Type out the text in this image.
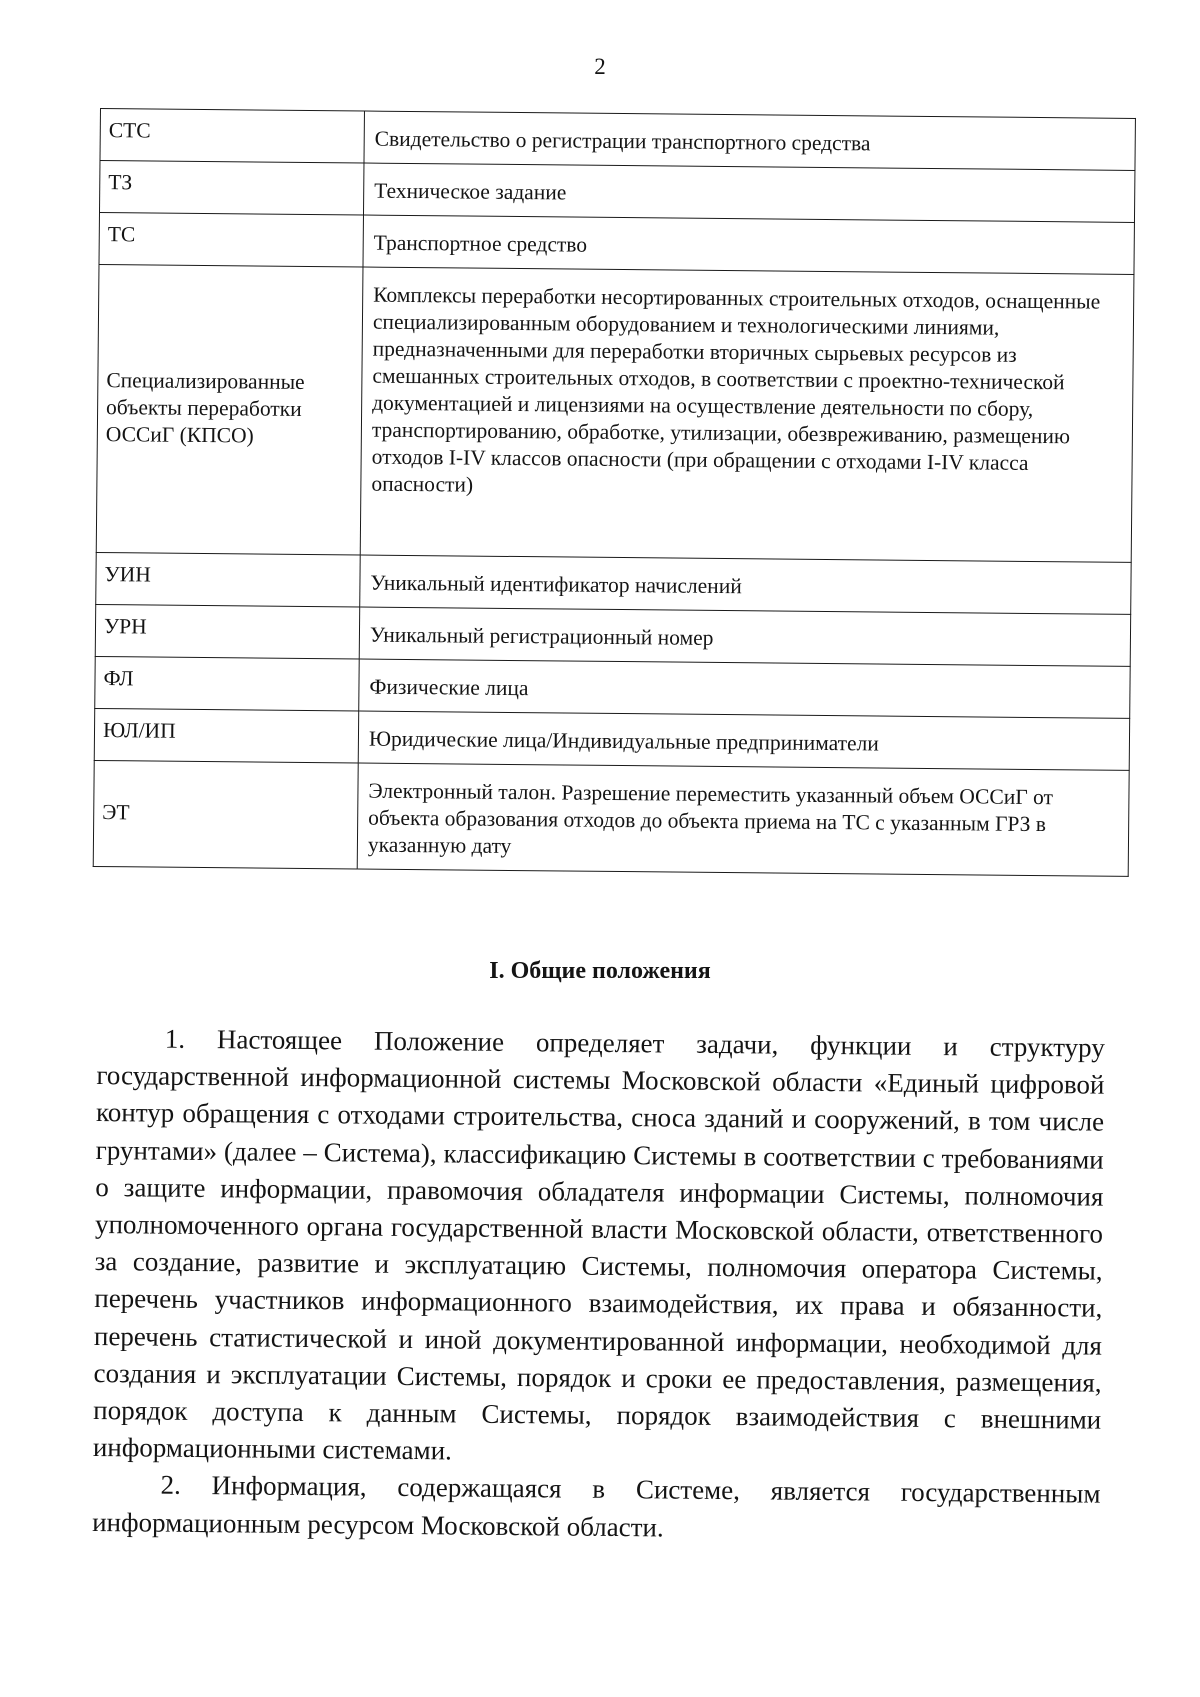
2
СТС	Свидетельство о регистрации транспортного средства
ТЗ	Техническое задание
ТС	Транспортное средство
Специализированные объекты переработки ОССиГ (КПСО)	Комплексы переработки несортированных строительных отходов, оснащенные специализированным оборудованием и технологическими линиями, предназначенными для переработки вторичных сырьевых ресурсов из смешанных строительных отходов, в соответствии с проектно-технической документацией и лицензиями на осуществление деятельности по сбору, транспортированию, обработке, утилизации, обезвреживанию, размещению отходов I-IV классов опасности (при обращении с отходами I-IV класса опасности)
УИН	Уникальный идентификатор начислений
УРН	Уникальный регистрационный номер
ФЛ	Физические лица
ЮЛ/ИП	Юридические лица/Индивидуальные предприниматели
ЭТ	Электронный талон. Разрешение переместить указанный объем ОССиГ от объекта образования отходов до объекта приема на ТС с указанным ГРЗ в указанную дату
I. Общие положения

1. Настоящее Положение определяет задачи, функции и структуру государственной информационной системы Московской области «Единый цифровой контур обращения с отходами строительства, сноса зданий и сооружений, в том числе грунтами» (далее – Система), классификацию Системы в соответствии с требованиями о защите информации, правомочия обладателя информации Системы, полномочия уполномоченного органа государственной власти Московской области, ответственного за создание, развитие и эксплуатацию Системы, полномочия оператора Системы, перечень участников информационного взаимодействия, их права и обязанности, перечень статистической и иной документированной информации, необходимой для создания и эксплуатации Системы, порядок и сроки ее предоставления, размещения, порядок доступа к данным Системы, порядок взаимодействия с внешними информационными системами.

2. Информация, содержащаяся в Системе, является государственным информационным ресурсом Московской области.
